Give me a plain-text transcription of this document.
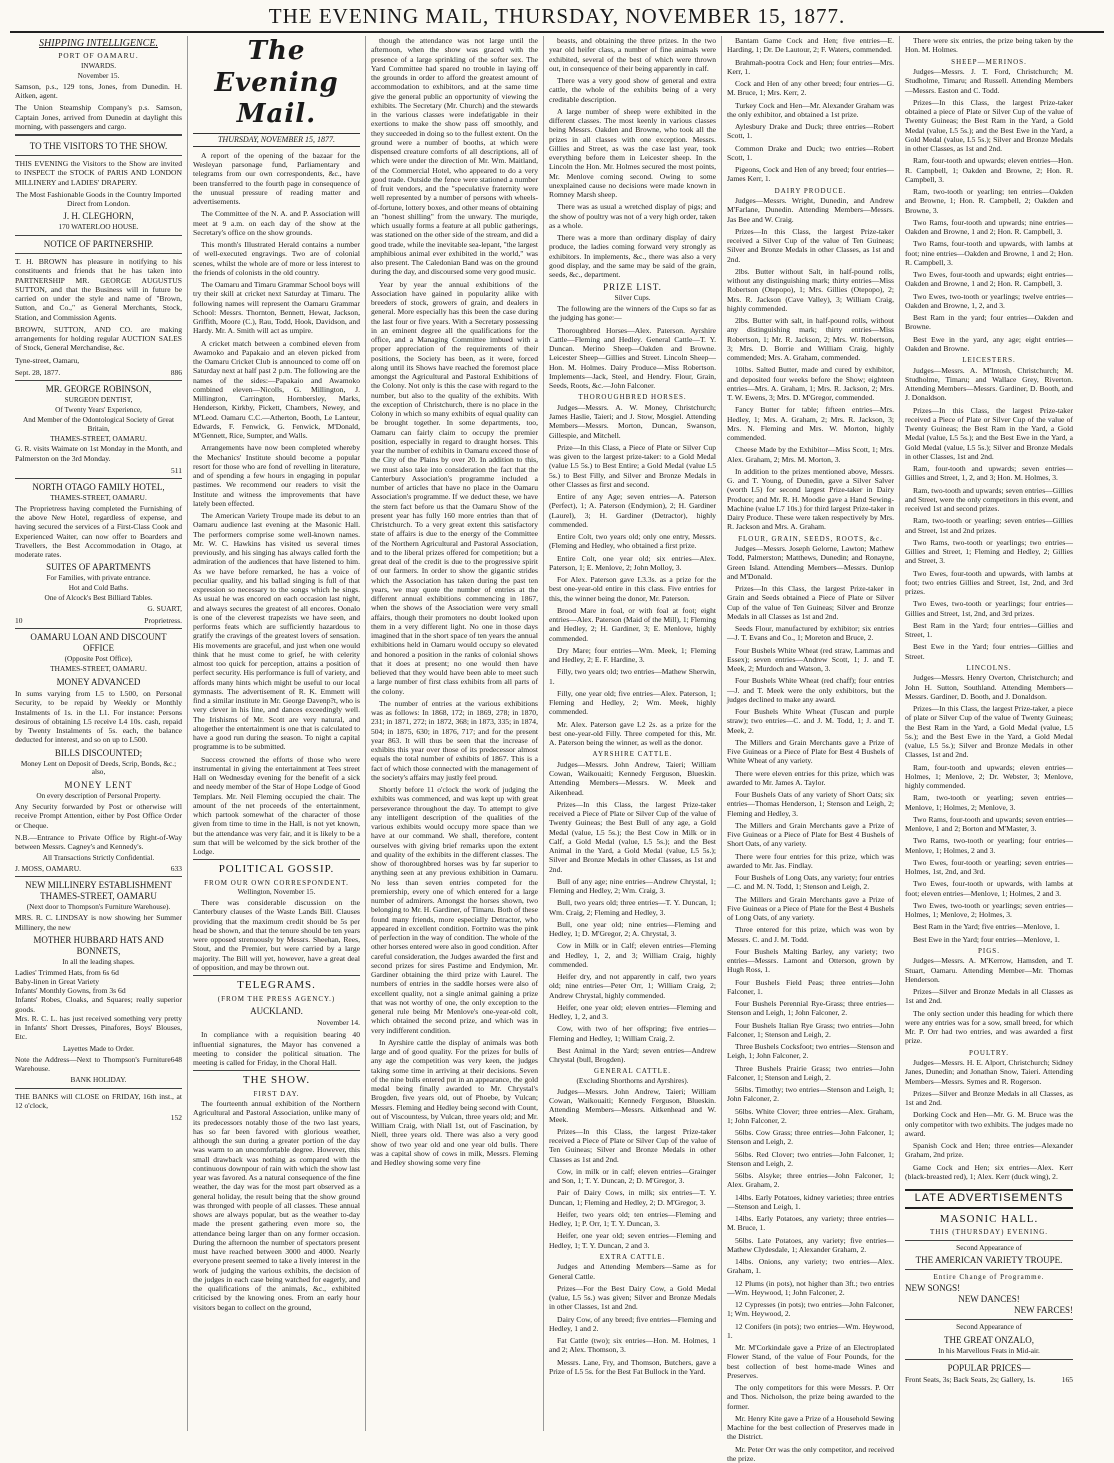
THE EVENING MAIL, THURSDAY, NOVEMBER 15, 1877.
SHIPPING INTELLIGENCE.
PORT OF OAMARU.
INWARDS.
November 15.

Samson, p.s., 129 tons, Jones, from Dunedin. H. Aitken, agent.

The Union Steamship Company's p.s. Samson, Captain Jones, arrived from Dunedin at daylight this morning, with passengers and cargo.

TO THE VISITORS TO THE SHOW.

THIS EVENING the Visitors to the Show are invited to INSPECT the STOCK of PARIS AND LONDON MILLINERY and LADIES' DRAPERY.

The Most Fashionable Goods in the Country Imported Direct from London.

J. H. CLEGHORN,
170 WATERLOO HOUSE.
NOTICE OF PARTNERSHIP.

T. H. BROWN has pleasure in notifying to his constituents and friends that he has taken into PARTNERSHIP MR. GEORGE AUGUSTUS SUTTON, and that the Business will in future be carried on under the style and name of "Brown, Sutton, and Co.," as General Merchants, Stock, Station, and Commission Agents.

BROWN, SUTTON, AND CO. are making arrangements for holding regular AUCTION SALES of Stock, General Merchandise, &c.

Tyne-street, Oamaru,

Sept. 28, 1877.	886
MR. GEORGE ROBINSON,
SURGEON DENTIST,
Of Twenty Years' Experience,
And Member of the Odontological Society of Great Britain,
THAMES-STREET, OAMARU.

G. R. visits Waimate on 1st Monday in the Month, and Palmerston on the 3rd Monday.

511
NORTH OTAGO FAMILY HOTEL,
THAMES-STREET, OAMARU.

The Proprietress having completed the Furnishing of the above New Hotel, regardless of expense, and having secured the services of a First-Class Cook and Experienced Waiter, can now offer to Boarders and Travellers, the Best Accommodation in Otago, at moderate rates.

SUITES OF APARTMENTS
For Families, with private entrance.
Hot and Cold Baths.
One of Alcock's Best Billiard Tables.
G. SUART,
10	Proprietress.
OAMARU LOAN AND DISCOUNT OFFICE
(Opposite Post Office),
THAMES-STREET, OAMARU.
MONEY ADVANCED

In sums varying from L5 to L500, on Personal Security, to be repaid by Weekly or Monthly Instalments of 1s. in the L1. For instance: Persons desirous of obtaining L5 receive L4 10s. cash, repaid by Twenty Instalments of 5s. each, the balance deducted for interest, and so on up to L500.

BILLS DISCOUNTED;
Money Lent on Deposit of Deeds, Scrip, Bonds, &c.; also,
MONEY LENT
On every description of Personal Property.

Any Security forwarded by Post or otherwise will receive Prompt Attention, either by Post Office Order or Cheque.

N.B.—Entrance to Private Office by Right-of-Way between Messrs. Cagney's and Kennedy's.

All Transactions Strictly Confidential.
J. MOSS, OAMARU.	633
NEW MILLINERY ESTABLISHMENT THAMES-STREET, OAMARU
(Next door to Thompson's Furniture Warehouse).

MRS. R. C. LINDSAY is now showing her Summer Millinery, the new

MOTHER HUBBARD HATS AND BONNETS,
In all the leading shapes.
Ladies' Trimmed Hats, from 6s 6d
Baby-linen in Great Variety
Infants' Monthly Gowns, from 3s 6d
Infants' Robes, Cloaks, and Squares; really superior goods.

Mrs. R. C. L. has just received something very pretty in Infants' Short Dresses, Pinafores, Boys' Blouses, Etc.

Layettes Made to Order.
Note the Address—Next to Thompson's Furniture Warehouse.
648
BANK HOLIDAY.

THE BANKS will CLOSE on FRIDAY, 16th inst., at 12 o'clock,

152
The Evening Mail.
THURSDAY, NOVEMBER 15, 1877.

A report of the opening of the bazaar for the Wesleyan parsonage fund, Parliamentary and telegrams from our own correspondents, &c., have been transferred to the fourth page in consequence of the unusual pressure of reading matter and advertisements.

The Committee of the N. A. and P. Association will meet at 9 a.m. on each day of the show at the Secretary's office on the show grounds.

This month's Illustrated Herald contains a number of well-executed engravings. Two are of colonial scenes, whilst the whole are of more or less interest to the friends of colonists in the old country.

The Oamaru and Timaru Grammar School boys will try their skill at cricket next Saturday at Timaru. The following names will represent the Oamaru Grammar School: Messrs. Thornton, Bennett, Hewat, Jackson, Griffith, Moore (C.), Rau, Todd, Hook, Davidson, and Hardy. Mr. A. Smith will act as umpire.

A cricket match between a combined eleven from Awamoko and Papakaio and an eleven picked from the Oamaru Cricket Club is announced to come off on Saturday next at half past 2 p.m. The following are the names of the sides:—Papakaio and Awamoko combined eleven—Nicolls, G. Millington, J. Millington, Carrington, Hornbersley, Marks, Henderson, Kirkby, Pickett, Chambers, Newey, and M'Leod. Oamaru C.C.—Atherton, Booth, Le Lanteur, Edwards, F. Fenwick, G. Fenwick, M'Donald, M'Gennett, Rice, Sumpter, and Walls.

Arrangements have now been completed whereby the Mechanics' Institute should become a popular resort for those who are fond of revelling in literature, and of spending a few hours in engaging in popular pastimes. We recommend our readers to visit the Institute and witness the improvements that have lately been effected.

The American Variety Troupe made its debut to an Oamaru audience last evening at the Masonic Hall. The performers comprise some well-known names. Mr. W. C. Hawkins has visited us several times previously, and his singing has always called forth the admiration of the audiences that have listened to him. As we have before remarked, he has a voice of peculiar quality, and his ballad singing is full of that expression so necessary to the songs which he sings. As usual he was encored on each occasion last night, and always secures the greatest of all encores. Oonalo is one of the cleverest trapezists we have seen, and performs feats which are sufficiently hazardous to gratify the cravings of the greatest lovers of sensation. His movements are graceful, and just when one would think that he must come to grief, he with celerity almost too quick for perception, attains a position of perfect security. His performance is full of variety, and affords many hints which might be useful to our local gymnasts. The advertisement of R. K. Emmett will find a similar institute in Mr. George Davenp?t, who is very clever in his line, and dances exceedingly well. The Irishisms of Mr. Scott are very natural, and altogether the entertainment is one that is calculated to have a good run during the season. To night a capital programme is to be submitted.

Success crowned the efforts of those who were instrumental in giving the entertainment at Tees street Hall on Wednesday evening for the benefit of a sick and needy member of the Star of Hope Lodge of Good Templars. Mr. Neil Fleming occupied the chair. The amount of the net proceeds of the entertainment, which partook somewhat of the character of those given from time to time in the Hall, is not yet known, but the attendance was very fair, and it is likely to be a sum that will be welcomed by the sick brother of the Lodge.

POLITICAL GOSSIP.
FROM OUR OWN CORRESPONDENT.
Wellington, November 15.

There was considerable discussion on the Canterbury clauses of the Waste Lands Bill. Clauses providing that the maximum credit should be 5s per head be shown, and that the tenure should be ten years were opposed strenuously by Messrs. Sheehan, Rees, Stout, and the Premier, but were carried by a large majority. The Bill will yet, however, have a great deal of opposition, and may be thrown out.

TELEGRAMS.
(FROM THE PRESS AGENCY.)
AUCKLAND.
November 14.

In compliance with a requisition bearing 40 influential signatures, the Mayor has convened a meeting to consider the political situation. The meeting is called for Friday, in the Choral Hall.

THE SHOW.
FIRST DAY.

The fourteenth annual exhibition of the Northern Agricultural and Pastoral Association, unlike many of its predecessors notably those of the two last years, has so far been favored with glorious weather, although the sun during a greater portion of the day was warm to an uncomfortable degree. However, this small drawback was nothing as compared with the continuous downpour of rain with which the show last year was favored. As a natural consequence of the fine weather, the day was for the most part observed as a general holiday, the result being that the show ground was thronged with people of all classes. These annual shows are always popular, but as the weather to-day made the present gathering even more so, the attendance being larger than on any former occasion. During the afternoon the number of spectators present must have reached between 3000 and 4000. Nearly everyone present seemed to take a lively interest in the work of judging the various exhibits, the decision of the judges in each case being watched for eagerly, and the qualifications of the animals, &c., exhibited criticised by the knowing ones. From an early hour visitors began to collect on the ground,

though the attendance was not large until the afternoon, when the show was graced with the presence of a large sprinkling of the softer sex. The Yard Committee had spared no trouble in laying off the grounds in order to afford the greatest amount of accommodation to exhibitors, and at the same time give the general public an opportunity of viewing the exhibits. The Secretary (Mr. Church) and the stewards in the various classes were indefatigable in their exertions to make the show pass off smoothly, and they succeeded in doing so to the fullest extent. On the ground were a number of booths, at which were dispensed creature comforts of all descriptions, all of which were under the direction of Mr. Wm. Maitland, of the Commercial Hotel, who appeared to do a very good trade. Outside the fence were stationed a number of fruit vendors, and the "speculative fraternity were well represented by a number of persons with wheels-of-fortune, lottery boxes, and other means of obtaining an "honest shilling" from the unwary. The muriqde, which usually forms a feature at all public gatherings, was stationed on the other side of the stream, and did a good trade, while the inevitable sea-lepant, "the largest amphibious animal ever exhibited in the world," was also present. The Caledonian Band was on the ground during the day, and discoursed some very good music.

Year by year the annual exhibitions of the Association have gained in popularity alike with breeders of stock, growers of grain, and dealers in general. More especially has this been the case during the last four or five years. With a Secretary possessing in an eminent degree all the qualifications for the office, and a Managing Committee imbued with a proper appreciation of the requirements of their positions, the Society has been, as it were, forced along until its Shows have reached the foremost place amongst the Agricultural and Pastoral Exhibitions of the Colony. Not only is this the case with regard to the number, but also to the quality of the exhibits. With the exception of Christchurch, there is no place in the Colony in which so many exhibits of equal quality can be brought together. In some departments, too, Oamaru can fairly claim to occupy the premier position, especially in regard to draught horses. This year the number of exhibits in Oamaru exceed those of the City of the Plains by over 20. In addition to this, we must also take into consideration the fact that the Canterbury Association's programme included a number of articles that have no place in the Oamaru Association's programme. If we deduct these, we have the stern fact before us that the Oamaru Show of the present year has fully 160 more entries than that of Christchurch. To a very great extent this satisfactory state of affairs is due to the energy of the Committee of the Northern Agricultural and Pastoral Association, and to the liberal prizes offered for competition; but a great deal of the credit is due to the progressive spirit of our farmers. In order to show the gigantic strides which the Association has taken during the past ten years, we may quote the number of entries at the different annual exhibitions commencing in 1867, when the shows of the Association were very small affairs, though their promoters no doubt looked upon them in a very different light. No one in those days imagined that in the short space of ten years the annual exhibitions held in Oamaru would occupy so elevated and honored a position in the ranks of colonial shows that it does at present; no one would then have believed that they would have been able to meet such a large number of first class exhibits from all parts of the colony.

The number of entries at the various exhibitions was as follows: In 1868, 172; in 1869, 278; in 1870, 231; in 1871, 272; in 1872, 368; in 1873, 335; in 1874, 504; in 1875, 630; in 1876, 717; and for the present year 863. It will thus be seen that the increase of exhibits this year over those of its predecessor almost equals the total number of exhibits of 1867. This is a fact of which those connected with the management of the society's affairs may justly feel proud.

Shortly before 11 o'clock the work of judging the exhibits was commenced, and was kept up with great perseverance throughout the day. To attempt to give any intelligent description of the qualities of the various exhibits would occupy more space than we have at our command. We shall, therefore, content ourselves with giving brief remarks upon the extent and quality of the exhibits in the different classes. The show of thoroughbred horses was by far superior to anything seen at any previous exhibition in Oamaru. No less than seven entries competed for the premiership, every one of which entered for a large number of admirers. Amongst the horses shown, two belonging to Mr. H. Gardiner, of Timaru. Both of these found many friends, more especially Detractor, who appeared in excellent condition. Fortnito was the pink of perfection in the way of condition. The whole of the other horses entered were also in good condition. After careful consideration, the Judges awarded the first and second prizes for sires Pastime and Endymion, Mr. Gardiner obtaining the third prize with Laurel. The numbers of entries in the saddle horses were also of excellent quality, not a single animal gaining a prize that was not worthy of one, the only exception to the general rule being Mr Menlove's one-year-old colt, which obtained the second prize, and which was in very indifferent condition.

In Ayrshire cattle the display of animals was both large and of good quality. For the prizes for bulls of any age the competition was very keen, the judges taking some time in arriving at their decisions. Seven of the nine bulls entered put in an appearance, the gold medal being finally awarded to Mr. Chrystal's Brogden, five years old, out of Phoebe, by Vulcan; Messrs. Fleming and Hedley being second with Count, out of Viscountess, by Vulcan, three years old; and Mr. William Craig, with Niall 1st, out of Fascination, by Niell, three years old. There was also a very good show of two year old and one year old bulls. There was a capital show of cows in milk, Messrs. Fleming and Hedley showing some very fine

beasts, and obtaining the three prizes. In the two year old heifer class, a number of fine animals were exhibited, several of the best of which were thrown out, in consequence of their being apparently in calf.

There was a very good show of general and extra cattle, the whole of the exhibits being of a very creditable description.

A large number of sheep were exhibited in the different classes. The most keenly in various classes being Messrs. Oakden and Browne, who took all the prizes in all classes with one exception. Messrs. Gillies and Street, as was the case last year, took everything before them in Leicester sheep. In the Lincoln the Hon. Mr. Holmes secured the most points, Mr. Menlove coming second. Owing to some unexplained cause no decisions were made known in Romney Marsh sheep.

There was as usual a wretched display of pigs; and the show of poultry was not of a very high order, taken as a whole.

There was a more than ordinary display of dairy produce, the ladies coming forward very strongly as exhibitors. In implements, &c., there was also a very good display, and the same may be said of the grain, seeds, &c., department.

PRIZE LIST.
Silver Cups.

The following are the winners of the Cups so far as the judging has gone:—

Thoroughbred Horses—Alex. Paterson. Ayrshire Cattle—Fleming and Hedley. General Cattle—T. Y. Duncan. Merino Sheep—Oakden and Browne. Leicester Sheep—Gillies and Street. Lincoln Sheep—Hon. M. Holmes. Dairy Produce—Miss Robertson. Implements—Jack, Steel, and Hendry. Flour, Grain, Seeds, Roots, &c.—John Falconer.

THOROUGHBRED HORSES.

Judges—Messrs. A. W. Money, Christchurch; James Haslie, Taieri; and J. Stow, Mosgiel. Attending Members—Messrs. Morton, Duncan, Swanson, Gillespie, and Mitchell.

Prize—In this Class, a Piece of Plate or Silver Cup was given to the largest prize-taker: to a Gold Medal (value L5 5s.) to Best Entire; a Gold Medal (value L5 5s.) to Best Filly, and Silver and Bronze Medals in other Classes as first and second.

Entire of any Age; seven entries—A. Paterson (Perfect), 1; A. Paterson (Endymion), 2; H. Gardiner (Laurel), 3; H. Gardiner (Detractor), highly commended.

Entire Colt, two years old; only one entry, Messrs. (Fleming and Hedley, who obtained a first prize.

Entire Colt, one year old; six entries—Alex. Paterson, 1; E. Menlove, 2; John Molloy, 3.

For Alex. Paterson gave L3.3s. as a prize for the best one-year-old entire in this class. Five entries for this, the winner being the donor, Mr. Paterson.

Brood Mare in foal, or with foal at foot; eight entries—Alex. Paterson (Maid of the Mill), 1; Fleming and Hedley, 2; H. Gardiner, 3; E. Menlove, highly commended.

Dry Mare; four entries—Wm. Meek, 1; Fleming and Hedley, 2; E. F. Hardine, 3.

Filly, two years old; two entries—Mathew Sherwin, 1.

Filly, one year old; five entries—Alex. Paterson, 1; Fleming and Hedley, 2; Wm. Meek, highly commended.

Mr. Alex. Paterson gave L2 2s. as a prize for the best one-year-old Filly. Three competed for this, Mr. A. Paterson being the winner, as well as the donor.

AYRSHIRE CATTLE.

Judges—Messrs. John Andrew, Taieri; William Cowan, Waikouaiti; Kennedy Ferguson, Blueskin. Attending Members—Messrs. W. Meek and Aikenhead.

Prizes—In this Class, the largest Prize-taker received a Piece of Plate or Silver Cup of the value of Twenty Guineas; the Best Bull of any age, a Gold Medal (value, L5 5s.); the Best Cow in Milk or in Calf, a Gold Medal (value, L5 5s.); and the Best Animal in the Yard, a Gold Medal (value, L5 5s.); Silver and Bronze Medals in other Classes, as 1st and 2nd.

Bull of any age; nine entries—Andrew Chrystal, 1; Fleming and Hedley, 2; Wm. Craig, 3.

Bull, two years old; three entries—T. Y. Duncan, 1; Wm. Craig, 2; Fleming and Hedley, 3.

Bull, one year old; nine entries—Fleming and Hedley, 1; D. M'Gregor, 2; A. Chrystal, 3.

Cow in Milk or in Calf; eleven entries—Fleming and Hedley, 1, 2, and 3; William Craig, highly commended.

Heifer dry, and not apparently in calf, two years old; nine entries—Peter Orr, 1; William Craig, 2; Andrew Chrystal, highly commended.

Heifer, one year old; eleven entries—Fleming and Hedley, 1, 2, and 3.

Cow, with two of her offspring; five entries—Fleming and Hedley, 1; William Craig, 2.

Best Animal in the Yard; seven entries—Andrew Chrystal (bull, Brogden).

GENERAL CATTLE.
(Excluding Shorthorns and Ayrshires).

Judges—Messrs. John Andrew, Taieri; William Cowan, Waikouaiti; Kennedy Ferguson, Blueskin. Attending Members—Messrs. Aitkenhead and W. Meek.

Prizes—In this Class, the largest Prize-taker received a Piece of Plate or Silver Cup of the value of Ten Guineas; Silver and Bronze Medals in other Classes as 1st and 2nd.

Cow, in milk or in calf; eleven entries—Grainger and Son, 1; T. Y. Duncan, 2; D. M'Gregor, 3.

Pair of Dairy Cows, in milk; six entries—T. Y. Duncan, 1; Fleming and Hedley, 2; D. M'Gregor, 3.

Heifer, two years old; ten entries—Fleming and Hedley, 1; P. Orr, 1; T. Y. Duncan, 3.

Heifer, one year old; seven entries—Fleming and Hedley, 1; T. Y. Duncan, 2 and 3.

EXTRA CATTLE.

Judges and Attending Members—Same as for General Cattle.

Prizes—For the Best Dairy Cow, a Gold Medal (value, L5 5s.) was given; Silver and Bronze Medals in other Classes, 1st and 2nd.

Dairy Cow, of any breed; five entries—Fleming and Hedley, 1 and 2.

Fat Cattle (two); six entries—Hon. M. Holmes, 1 and 2; Alex. Thomson, 3.

Messrs. Lane, Fry, and Thomson, Butchers, gave a Prize of L5 5s. for the Best Fat Bullock in the Yard.

Bantam Game Cock and Hen; five entries—E. Harding, 1; Dr. De Lautour, 2; F. Waters, commended.

Brahmah-pootra Cock and Hen; four entries—Mrs. Kerr, 1.

Cock and Hen of any other breed; four entries—G. M. Bruce, 1; Mrs. Kerr, 2.

Turkey Cock and Hen—Mr. Alexander Graham was the only exhibitor, and obtained a 1st prize.

Aylesbury Drake and Duck; three entries—Robert Scott, 1.

Common Drake and Duck; two entries—Robert Scott, 1.

Pigeons, Cock and Hen of any breed; four entries—James Kerr, 1.

DAIRY PRODUCE.

Judges—Messrs. Wright, Dunedin, and Andrew M'Farlane, Dunedin. Attending Members—Messrs. Jas Bee and W. Craig.

Prizes—In this Class, the largest Prize-taker received a Silver Cup of the value of Ten Guineas; Silver and Bronze Medals in other Classes, as 1st and 2nd.

2lbs. Butter without Salt, in half-pound rolls, without any distinguishing mark; thirty entries—Miss Robertson (Otepopo), 1; Mrs. Gillies (Otepopo), 2; Mrs. R. Jackson (Cave Valley), 3; William Craig, highly commended.

2lbs. Butter with salt, in half-pound rolls, without any distinguishing mark; thirty entries—Miss Robertson, 1; Mr. R. Jackson, 2; Mrs. W. Robertson, 3; Mrs. D. Borrie and William Craig, highly commended; Mrs. A. Graham, commended.

10lbs. Salted Butter, made and cured by exhibitor, and deposited four weeks before the Show; eighteen entries—Mrs. A. Graham, 1; Mrs. R. Jackson, 2; Mrs. T. W. Ewens, 3; Mrs. D. M'Gregor, commended.

Fancy Butter for table; fifteen entries—Mrs. Hedley, 1; Mrs. A. Graham, 2; Mrs. R. Jackson, 3; Mrs. N. Fleming and Mrs. W. Morton, highly commended.

Cheese Made by the Exhibitor—Miss Scott, 1; Mrs. Alex. Graham, 2; Mrs. M. Morton, 3.

In addition to the prizes mentioned above, Messrs. G. and T. Young, of Dunedin, gave a Silver Salver (worth L5) for second largest Prize-taker in Dairy Produce; and Mr. R. H. Moodie gave a Hand Sewing-Machine (value L7 10s.) for third largest Prize-taker in Dairy Produce. These were taken respectively by Mrs. R. Jackson and Mrs. A. Graham.

FLOUR, GRAIN, SEEDS, ROOTS, &c.

Judges—Messrs. Joseph Gelorne, Lawton; Mathew Todd, Palmerston; Matthews, Dunedin; and Ronayne, Green Island. Attending Members—Messrs. Dunlop and M'Donald.

Prizes—In this Class, the largest Prize-taker in Grain and Seeds obtained a Piece of Plate or Silver Cup of the value of Ten Guineas; Silver and Bronze Medals in all Classes as 1st and 2nd.

Seeds Flour, manufactured by exhibitor; six entries—J. T. Evans and Co., 1; Moreton and Bruce, 2.

Four Bushels White Wheat (red straw, Lammas and Essex); seven entries—Andrew Scott, 1; J. and T. Meek, 2; Murdoch and Watson, 3.

Four Bushels White Wheat (red chaff); four entries—J. and T. Meek were the only exhibitors, but the judges declined to make any award.

Four Bushels White Wheat (Tuscan and purple straw); two entries—C. and J. M. Todd, 1; J. and T. Meek, 2.

The Millers and Grain Merchants gave a Prize of Five Guineas or a Piece of Plate for Best 4 Bushels of White Wheat of any variety.

There were eleven entries for this prize, which was awarded to Mr. James A. Taylor.

Four Bushels Oats of any variety of Short Oats; six entries—Thomas Henderson, 1; Stenson and Leigh, 2; Fleming and Hedley, 3.

The Millers and Grain Merchants gave a Prize of Five Guineas or a Piece of Plate for Best 4 Bushels of Short Oats, of any variety.

There were four entries for this prize, which was awarded to Mr. Jas. Findlay.

Four Bushels of Long Oats, any variety; four entries—C. and M. N. Todd, 1; Stenson and Leigh, 2.

The Millers and Grain Merchants gave a Prize of Five Guineas or a Piece of Plate for the Best 4 Bushels of Long Oats, of any variety.

Three entered for this prize, which was won by Messrs. C. and J. M. Todd.

Four Bushels Malting Barley, any variety; two entries—Messrs. Lamont and Otterson, grown by Hugh Ross, 1.

Four Bushels Field Peas; three entries—John Falconer, 1.

Four Bushels Perennial Rye-Grass; three entries—Stenson and Leigh, 1; John Falconer, 2.

Four Bushels Italian Rye Grass; two entries—John Falconer, 1; Stenson and Leigh, 2.

Three Bushels Cocksfoot; two entries—Stenson and Leigh, 1; John Falconer, 2.

Three Bushels Prairie Grass; two entries—John Falconer, 1; Stenson and Leigh, 2.

56lbs. Timothy; two entries—Stenson and Leigh, 1; John Falconer, 2.

56lbs. White Clover; three entries—Alex. Graham, 1; John Falconer, 2.

56lbs. Cow Grass; three entries—John Falconer, 1; Stenson and Leigh, 2.

56lbs. Red Clover; two entries—John Falconer, 1; Stenson and Leigh, 2.

56lbs. Alsyke; three entries—John Falconer, 1; Alex. Graham, 2.

14lbs. Early Potatoes, kidney varieties; three entries—Stenson and Leigh, 1.

14lbs. Early Potatoes, any variety; three entries—M. Bruce, 1.

56lbs. Late Potatoes, any variety; five entries—Mathew Clydesdale, 1; Alexander Graham, 2.

14lbs. Onions, any variety; two entries—Alex. Graham, 1.

12 Plums (in pots), not higher than 3ft.; two entries—Wm. Heywood, 1; John Falconer, 2.

12 Cypresses (in pots); two entries—John Falconer, 1; Wm. Heywood, 2.

12 Conifers (in pots); two entries—Wm. Heywood, 1.

Mr. M'Corkindale gave a Prize of an Electroplated Flower Stand, of the value of Four Pounds, for the best collection of best home-made Wines and Preserves.

The only competitors for this were Messrs. P. Orr and Thos. Nicholson, the prize being awarded to the former.

Mr. Henry Kite gave a Prize of a Household Sewing Machine for the best collection of Preserves made in the District.

Mr. Peter Orr was the only competitor, and received the prize.

There were six entries, the prize being taken by the Hon. M. Holmes.

SHEEP—MERINOS.

Judges—Messrs. J. T. Ford, Christchurch; M. Studholme, Timaru; and Russell. Attending Members—Messrs. Easton and C. Todd.

Prizes—In this Class, the largest Prize-taker obtained a piece of Plate or Silver Cup of the value of Twenty Guineas; the Best Ram in the Yard, a Gold Medal (value, L5 5s.); and the Best Ewe in the Yard, a Gold Medal (value, L5 5s.); Silver and Bronze Medals in other Classes, as 1st and 2nd.

Ram, four-tooth and upwards; eleven entries—Hon. R. Campbell, 1; Oakden and Browne, 2; Hon. R. Campbell, 3.

Ram, two-tooth or yearling; ten entries—Oakden and Browne, 1; Hon. R. Campbell, 2; Oakden and Browne, 3.

Two Rams, four-tooth and upwards; nine entries—Oakden and Browne, 1 and 2; Hon. R. Campbell, 3.

Two Rams, four-tooth and upwards, with lambs at foot; nine entries—Oakden and Browne, 1 and 2; Hon. R. Campbell, 3.

Two Ewes, four-tooth and upwards; eight entries—Oakden and Browne, 1 and 2; Hon. R. Campbell, 3.

Two Ewes, two-tooth or yearlings; twelve entries—Oakden and Browne, 1, 2, and 3.

Best Ram in the yard; four entries—Oakden and Browne.

Best Ewe in the yard, any age; eight entries—Oakden and Browne.

LEICESTERS.

Judges—Messrs. A. M'Intosh, Christchurch; M. Studholme, Timaru; and Wallace Grey, Riverton. Attending Members—Messrs. Gardiner, D. Booth, and J. Donaldson.

Prizes—In this Class, the largest Prize-taker received a Piece of Plate or Silver Cup of the value of Twenty Guineas; the Best Ram in the Yard, a Gold Medal (value, L5 5s.); and the Best Ewe in the Yard, a Gold Medal (value, L5 5s.); Silver and Bronze Medals in other Classes, 1st and 2nd.

Ram, four-tooth and upwards; seven entries—Gillies and Street, 1, 2, and 3; Hon. M. Holmes, 3.

Ram, two-tooth and upwards; seven entries—Gillies and Street, were the only competitors in this event, and received 1st and second prizes.

Ram, two-tooth or yearling; seven entries—Gillies and Street, 1st and 2nd prizes.

Two Rams, two-tooth or yearlings; two entries—Gillies and Street, 1; Fleming and Hedley, 2; Gillies and Street, 3.

Two Ewes, four-tooth and upwards, with lambs at foot; two entries Gillies and Street, 1st, 2nd, and 3rd prizes.

Two Ewes, two-tooth or yearlings; four entries—Gillies and Street, 1st, 2nd, and 3rd prizes.

Best Ram in the Yard; four entries—Gillies and Street, 1.

Best Ewe in the Yard; four entries—Gillies and Street.

LINCOLNS.

Judges—Messrs. Henry Overton, Christchurch; and John H. Sutton, Southland. Attending Members—Messrs. Gardiner, D. Booth, and J. Donaldson.

Prizes—In this Class, the largest Prize-taker, a piece of plate or Silver Cup of the value of Twenty Guineas; the Best Ram in the Yard, a Gold Medal (value, L5 5s.); and the Best Ewe in the Yard, a Gold Medal (value, L5 5s.); Silver and Bronze Medals in other Classes, 1st and 2nd.

Ram, four-tooth and upwards; eleven entries—Holmes, 1; Menlove, 2; Dr. Webster, 3; Menlove, highly commended.

Ram, two-tooth or yearling; seven entries—Menlove, 1; Holmes, 2; Menlove, 3.

Two Rams, four-tooth and upwards; seven entries—Menlove, 1 and 2; Borton and M'Master, 3.

Two Rams, two-tooth or yearling; four entries—Menlove, 1; Holmes, 2 and 3.

Two Ewes, four-tooth or yearling; seven entries—Holmes, 1st, 2nd, and 3rd.

Two Ewes, four-tooth or upwards, with lambs at foot; eleven entries—Menlove, 1; Holmes, 2 and 3.

Two Ewes, two-tooth or yearlings; seven entries—Holmes, 1; Menlove, 2; Holmes, 3.

Best Ram in the Yard; five entries—Menlove, 1.

Best Ewe in the Yard; four entries—Menlove, 1.

PIGS.

Judges—Messrs. A. M'Kerrow, Hamsden, and T. Stuart, Oamaru. Attending Member—Mr. Thomas Henderson.

Prizes—Silver and Bronze Medals in all Classes as 1st and 2nd.

The only section under this heading for which there were any entries was for a sow, small breed, for which Mr. P. Orr had two entries, and was awarded a first prize.

POULTRY.

Judges—Messrs. H. E. Alport, Christchurch; Sidney Janes, Dunedin; and Jonathan Snow, Taieri. Attending Members—Messrs. Symes and R. Rogerson.

Prizes—Silver and Bronze Medals in all Classes, as 1st and 2nd.

Dorking Cock and Hen—Mr. G. M. Bruce was the only competitor with two exhibits. The judges made no award.

Spanish Cock and Hen; three entries—Alexander Graham, 2nd prize.

Game Cock and Hen; six entries—Alex. Kerr (black-breasted red), 1; Alex. Kerr (duck wing), 2.

LATE ADVERTISEMENTS
MASONIC HALL.
THIS (THURSDAY) EVENING.
Second Appearance of
THE AMERICAN VARIETY TROUPE.
Entire Change of Programme.
NEW SONGS!
NEW DANCES!
NEW FARCES!
Second Appearance of
THE GREAT ONZALO,
In his Marvellous Feats in Mid-air.
POPULAR PRICES—
Front Seats, 3s; Back Seats, 2s; Gallery, 1s.	165
